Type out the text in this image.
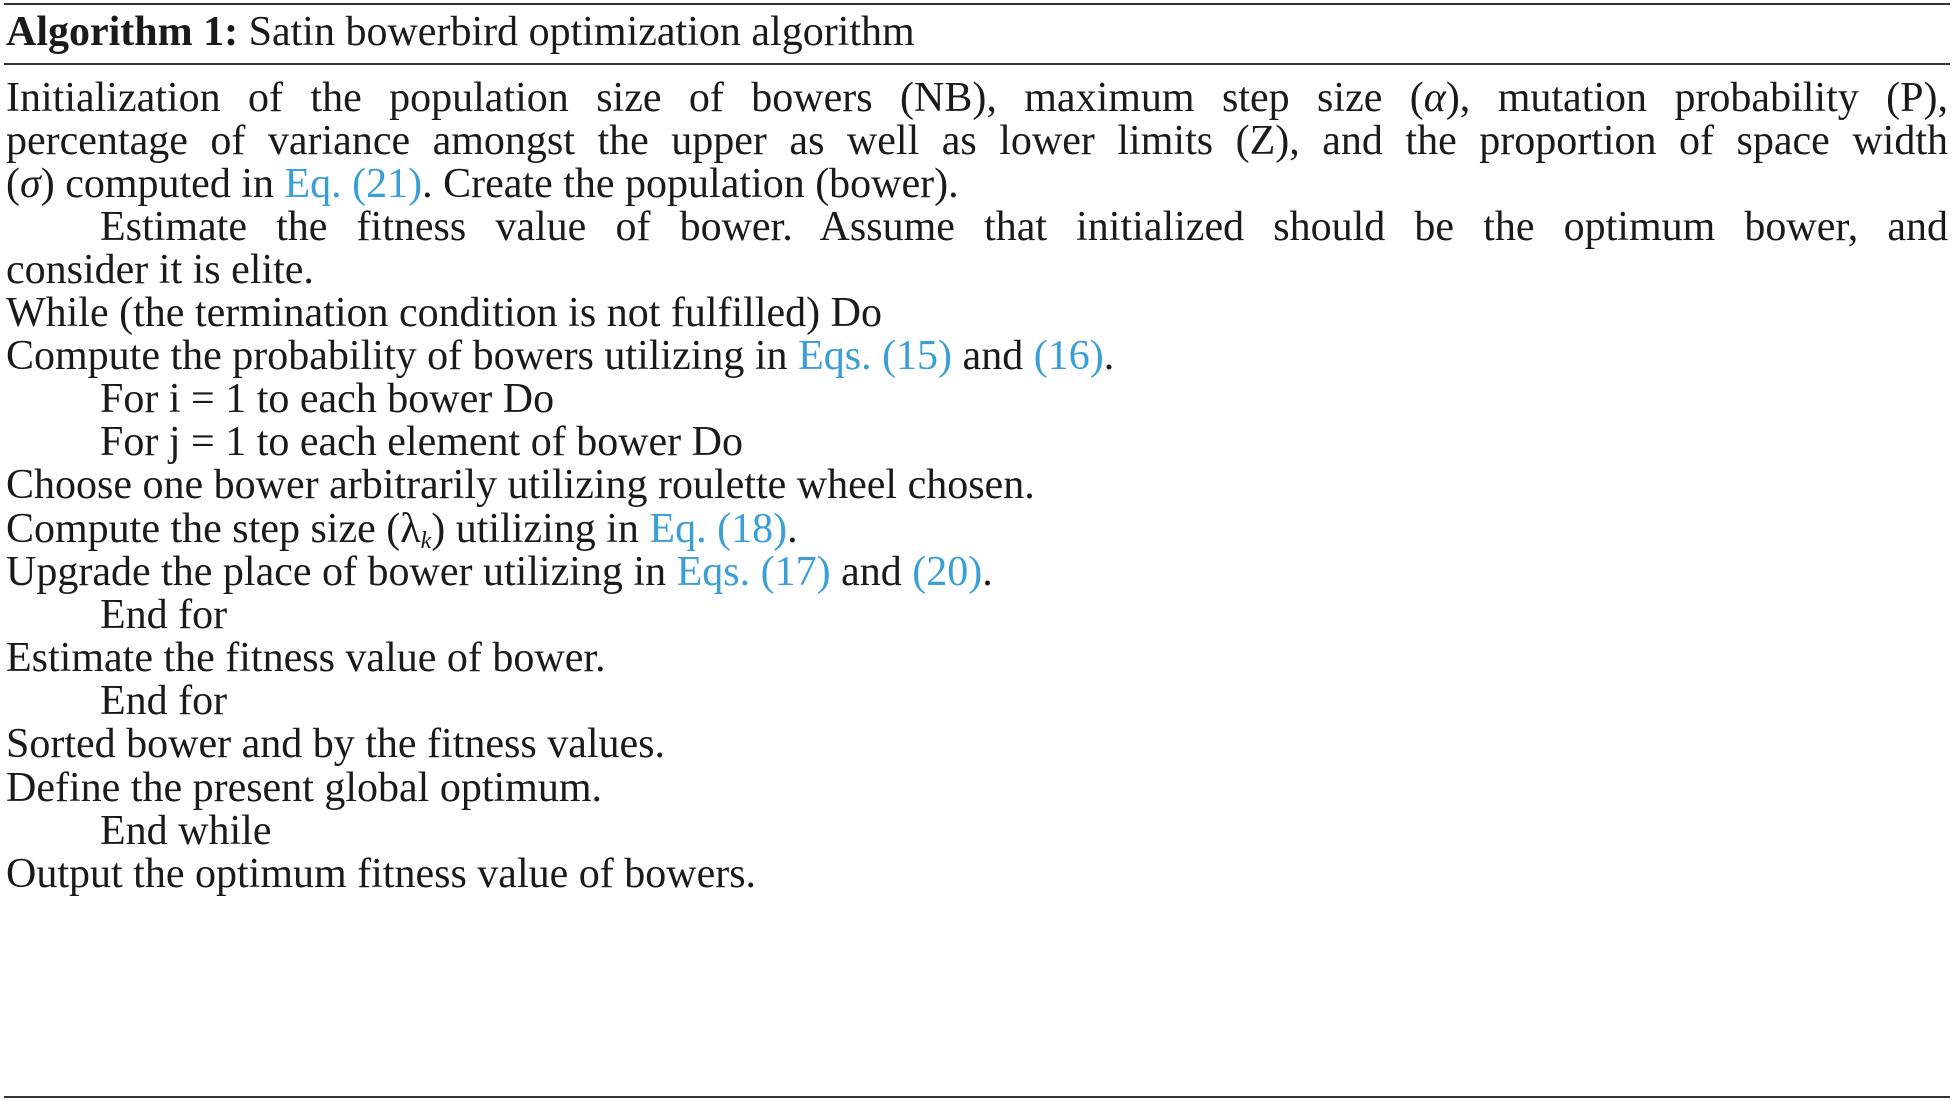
Algorithm 1: Satin bowerbird optimization algorithm
Initialization of the population size of bowers (NB), maximum step size (α), mutation probability (P),
percentage of variance amongst the upper as well as lower limits (Z), and the proportion of space width
(σ) computed in Eq. (21). Create the population (bower).
Estimate the fitness value of bower. Assume that initialized should be the optimum bower, and
consider it is elite.
While (the termination condition is not fulfilled) Do
Compute the probability of bowers utilizing in Eqs. (15) and (16).
For i = 1 to each bower Do
For j = 1 to each element of bower Do
Choose one bower arbitrarily utilizing roulette wheel chosen.
Compute the step size $(\lambda_k)$ utilizing in Eq. (18).
Upgrade the place of bower utilizing in Eqs. (17) and (20).
End for
Estimate the fitness value of bower.
End for
Sorted bower and by the fitness values.
Define the present global optimum.
End while
Output the optimum fitness value of bowers.
